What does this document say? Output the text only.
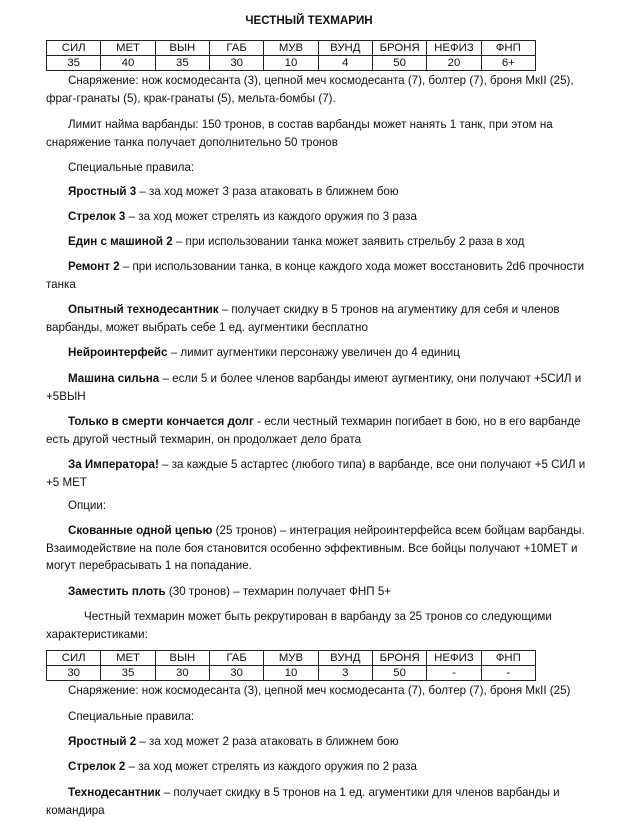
ЧЕСТНЫЙ ТЕХМАРИН
СИЛ	МЕТ	ВЫН	ГАБ	МУВ	ВУНД	БРОНЯ	НЕФИЗ	ФНП
35	40	35	30	10	4	50	20	6+

Снаряжение: нож космодесанта (3), цепной меч космодесанта (7), болтер (7), броня МкII (25), фраг-гранаты (5), крак-гранаты (5), мельта-бомбы (7).

Лимит найма варбанды: 150 тронов, в состав варбанды может нанять 1 танк, при этом на снаряжение танка получает дополнительно 50 тронов

Специальные правила:

Яростный 3 – за ход может 3 раза атаковать в ближнем бою

Стрелок 3 – за ход может стрелять из каждого оружия по 3 раза

Един с машиной 2 – при использовании танка может заявить стрельбу 2 раза в ход

Ремонт 2 – при использовании танка, в конце каждого хода может восстановить 2d6 прочности танка

Опытный технодесантник – получает скидку в 5 тронов на агументику для себя и членов варбанды, может выбрать себе 1 ед. аугментики бесплатно

Нейроинтерфейс – лимит аугментики персонажу увеличен до 4 единиц

Машина сильна – если 5 и более членов варбанды имеют аугментику, они получают +5СИЛ и +5ВЫН

Только в смерти кончается долг - если честный техмарин погибает в бою, но в его варбанде есть другой честный техмарин, он продолжает дело брата

За Императора! – за каждые 5 астартес (любого типа) в варбанде, все они получают +5 СИЛ и +5 МЕТ

Опции:

Скованные одной цепью (25 тронов) – интеграция нейроинтерфейса всем бойцам варбанды. Взаимодействие на поле боя становится особенно эффективным. Все бойцы получают +10МЕТ и могут перебрасывать 1 на попадание.

Заместить плоть (30 тронов) – техмарин получает ФНП 5+

Честный техмарин может быть рекрутирован в варбанду за 25 тронов со следующими характеристиками:

СИЛ	МЕТ	ВЫН	ГАБ	МУВ	ВУНД	БРОНЯ	НЕФИЗ	ФНП
30	35	30	30	10	3	50	-	-

Снаряжение: нож космодесанта (3), цепной меч космодесанта (7), болтер (7), броня МкII (25)

Специальные правила:

Яростный 2 – за ход может 2 раза атаковать в ближнем бою

Стрелок 2 – за ход может стрелять из каждого оружия по 2 раза

Технодесантник – получает скидку в 5 тронов на 1 ед. агументики для членов варбанды и командира
